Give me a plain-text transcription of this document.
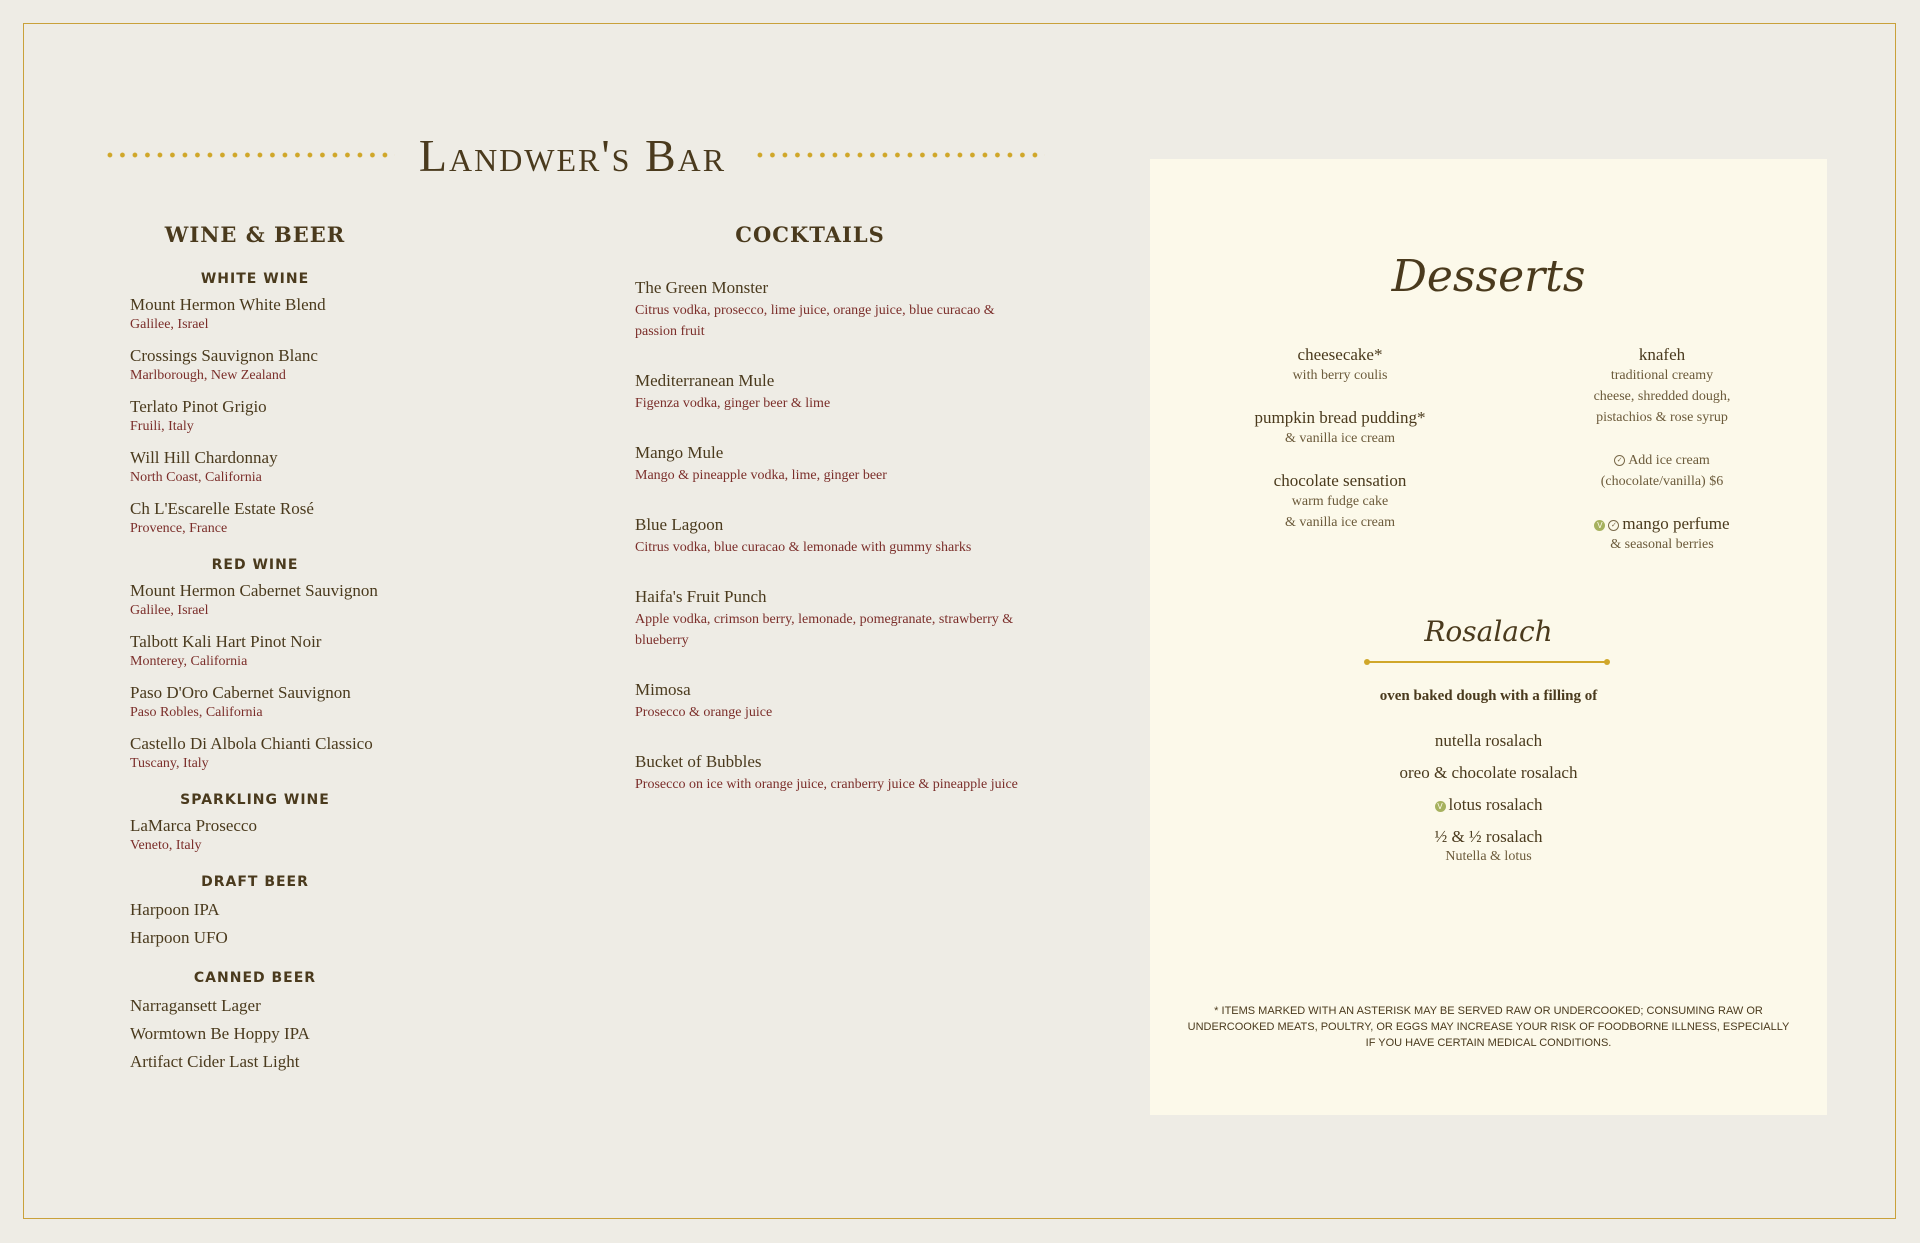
Landwer's Bar
WINE & BEER
WHITE WINE
Mount Hermon White Blend
Galilee, Israel
Crossings Sauvignon Blanc
Marlborough, New Zealand
Terlato Pinot Grigio
Fruili, Italy
Will Hill Chardonnay
North Coast, California
Ch L'Escarelle Estate Rosé
Provence, France
RED WINE
Mount Hermon Cabernet Sauvignon
Galilee, Israel
Talbott Kali Hart Pinot Noir
Monterey, California
Paso D'Oro Cabernet Sauvignon
Paso Robles, California
Castello Di Albola Chianti Classico
Tuscany, Italy
SPARKLING WINE
LaMarca Prosecco
Veneto, Italy
DRAFT BEER
Harpoon IPA
Harpoon UFO
CANNED BEER
Narragansett Lager
Wormtown Be Hoppy IPA
Artifact Cider Last Light
COCKTAILS
The Green Monster
Citrus vodka, prosecco, lime juice, orange juice, blue curacao & passion fruit
Mediterranean Mule
Figenza vodka, ginger beer & lime
Mango Mule
Mango & pineapple vodka, lime, ginger beer
Blue Lagoon
Citrus vodka, blue curacao & lemonade with gummy sharks
Haifa's Fruit Punch
Apple vodka, crimson berry, lemonade, pomegranate, strawberry & blueberry
Mimosa
Prosecco & orange juice
Bucket of Bubbles
Prosecco on ice with orange juice, cranberry juice & pineapple juice
Desserts
cheesecake*
with berry coulis
pumpkin bread pudding*
& vanilla ice cream
chocolate sensation
warm fudge cake
& vanilla ice cream
knafeh
traditional creamy
cheese, shredded dough,
pistachios & rose syrup
✓ Add ice cream
(chocolate/vanilla) $6
V ✓ mango perfume
& seasonal berries
Rosalach
oven baked dough with a filling of
nutella rosalach
oreo & chocolate rosalach
V lotus rosalach
½ & ½ rosalach
Nutella & lotus
* ITEMS MARKED WITH AN ASTERISK MAY BE SERVED RAW OR UNDERCOOKED; CONSUMING RAW OR UNDERCOOKED MEATS, POULTRY, OR EGGS MAY INCREASE YOUR RISK OF FOODBORNE ILLNESS, ESPECIALLY IF YOU HAVE CERTAIN MEDICAL CONDITIONS.
